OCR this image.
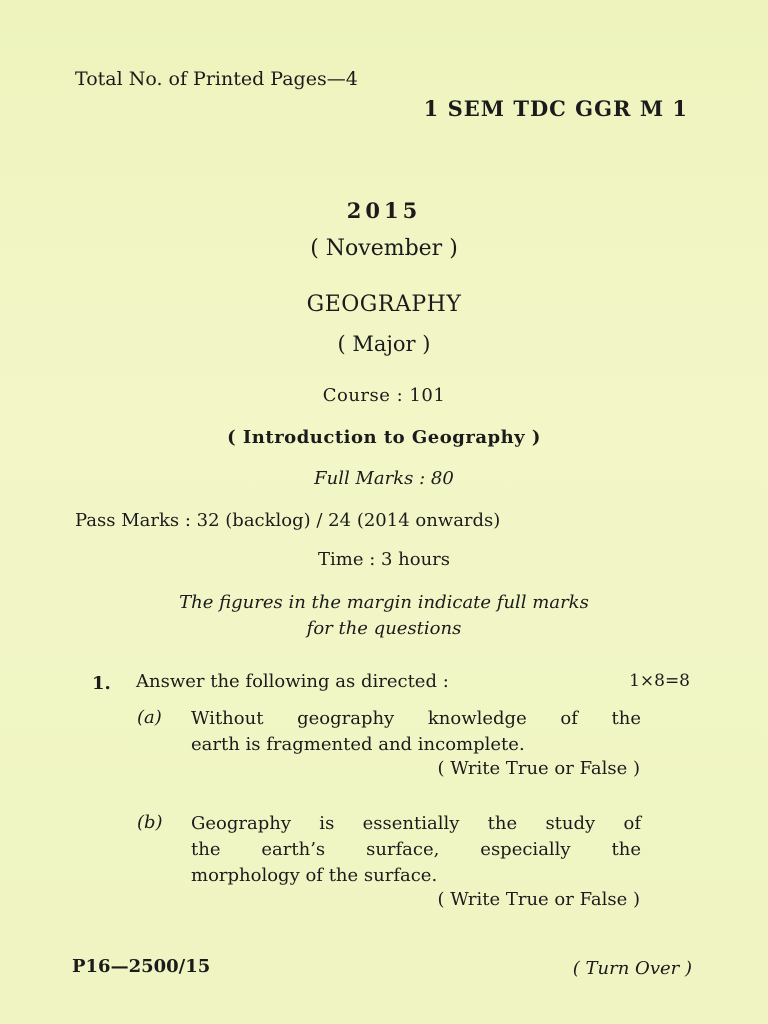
Total No. of Printed Pages—4
1 SEM TDC GGR M 1
2015
( November )
GEOGRAPHY
( Major )
Course : 101
( Introduction to Geography )
Full Marks : 80
Pass Marks : 32 (backlog) / 24 (2014 onwards)
Time : 3 hours
The figures in the margin indicate full marks
for the questions
1. Answer the following as directed :	1×8=8
(a) Without geography knowledge of the
earth is fragmented and incomplete.
( Write True or False )
(b) Geography is essentially the study of
the earth’s surface, especially the
morphology of the surface.
( Write True or False )
P16—2500/15	( Turn Over )
